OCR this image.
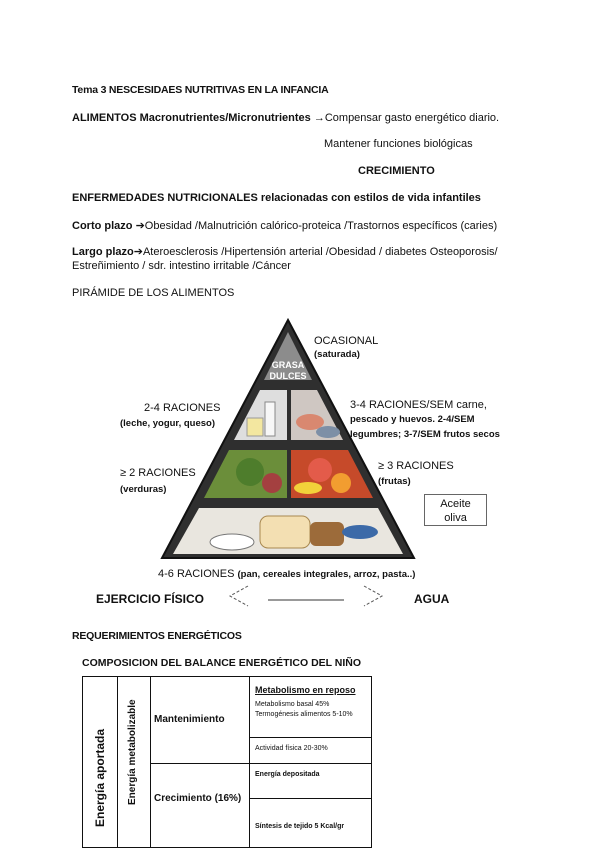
Tema 3 NESCESIDAES NUTRITIVAS EN LA INFANCIA
ALIMENTOS Macronutrientes/Micronutrientes →Compensar gasto energético diario.
Mantener funciones biológicas
CRECIMIENTO
ENFERMEDADES NUTRICIONALES relacionadas con estilos de vida infantiles
Corto plazo ➔Obesidad /Malnutrición calórico-proteica /Trastornos específicos (caries)
Largo plazo➔Ateroesclerosis /Hipertensión arterial /Obesidad / diabetes Osteoporosis/
Estreñimiento / sdr. intestino irritable /Cáncer
PIRÁMIDE DE LOS ALIMENTOS
GRASA
DULCES
OCASIONAL
(saturada)
2-4 RACIONES
(leche, yogur, queso)
3-4 RACIONES/SEM carne,
pescado y huevos. 2-4/SEM
legumbres; 3-7/SEM frutos secos
≥ 2 RACIONES
(verduras)
≥ 3 RACIONES
(frutas)
Aceite
oliva
4-6 RACIONES (pan, cereales integrales, arroz, pasta..)
EJERCICIO FÍSICO	AGUA
REQUERIMIENTOS ENERGÉTICOS
COMPOSICION DEL BALANCE ENERGÉTICO DEL NIÑO
Energía aportada Energía metabolizable Mantenimiento
Crecimiento (16%)
Metabolismo en reposo
Metabolismo basal 45%
Termogénesis alimentos 5-10%
Actividad física 20-30%
Energía depositada
Síntesis de tejido 5 Kcal/gr
